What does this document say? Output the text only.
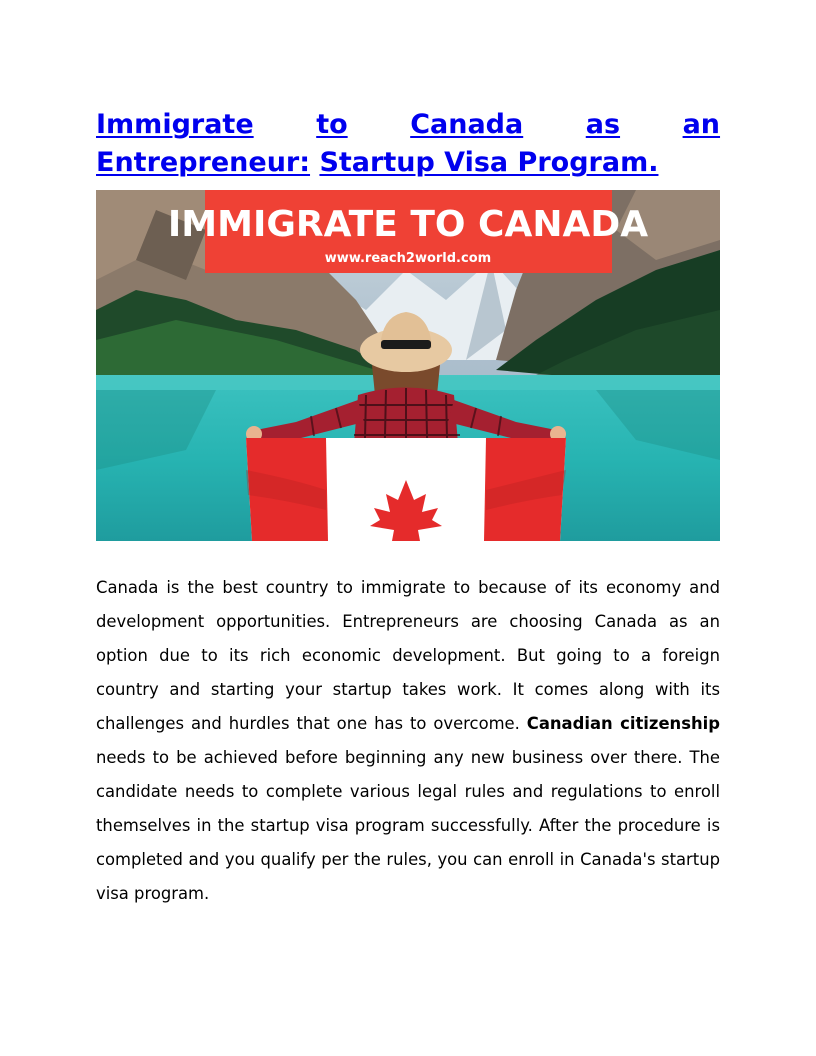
Immigrate to Canada as an Entrepreneur: Startup Visa Program.
IMMIGRATE TO CANADA
www.reach2world.com

Canada is the best country to immigrate to because of its economy and development opportunities. Entrepreneurs are choosing Canada as an option due to its rich economic development. But going to a foreign country and starting your startup takes work. It comes along with its challenges and hurdles that one has to overcome. Canadian citizenship needs to be achieved before beginning any new business over there. The candidate needs to complete various legal rules and regulations to enroll themselves in the startup visa program successfully. After the procedure is completed and you qualify per the rules, you can enroll in Canada's startup visa program.
